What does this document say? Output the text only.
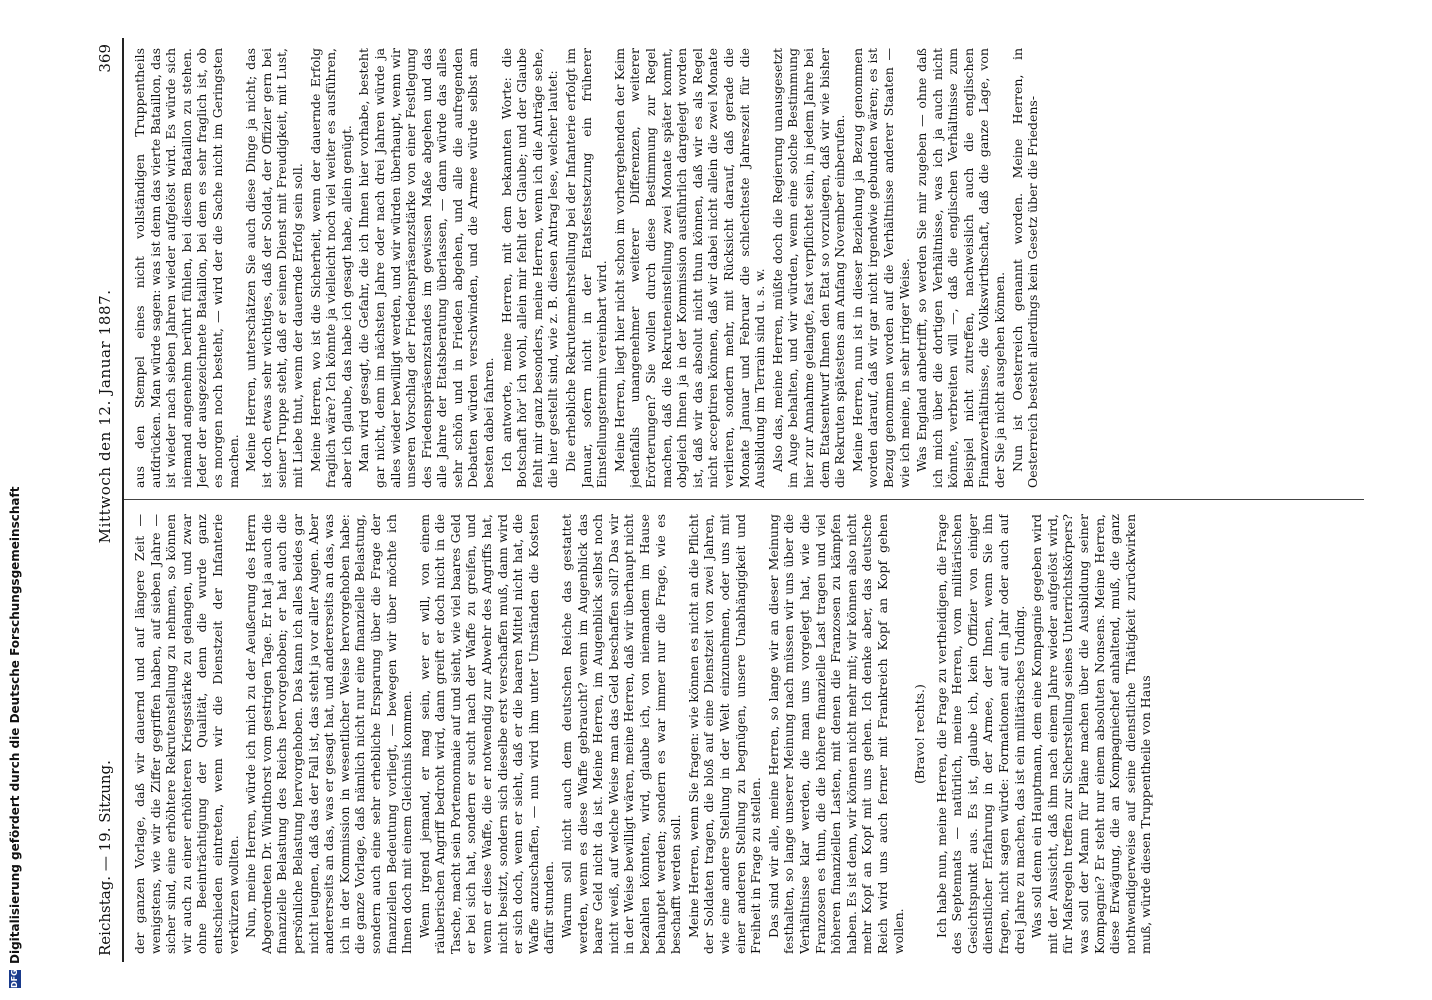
DFG
Digitalisierung gefördert durch die Deutsche Forschungsgemeinschaft	Reichstag. — 19. Sitzung.
Mittwoch den 12. Januar 1887.
369

der ganzen Vorlage, daß wir dauernd und auf längere Zeit — wenigstens, wie wir die Ziffer gegriffen haben, auf sieben Jahre — sicher sind, eine erhöhtere Rekrutenstellung zu nehmen, so können wir auch zu einer erhöhteren Kriegsstärke zu gelangen, und zwar ohne Beeinträchtigung der Qualität, denn die wurde ganz entschieden eintreten, wenn wir die Dienstzeit der Infanterie verkürzen wollten. Nun, meine Herren, würde ich mich zu der Aeußerung des Herrn Abgeordneten Dr. Windthorst vom gestrigen Tage. Er hat ja auch die finanzielle Belastung des Reichs hervorgehoben; er hat auch die persönliche Belastung hervorgehoben. Das kann ich alles beides gar nicht leugnen, daß das der Fall ist, das steht ja vor aller Augen. Aber andererseits an das, was er gesagt hat, und andererseits an das, was ich in der Kommission in wesentlicher Weise hervorgehoben habe: die ganze Vorlage, daß nämlich nicht nur eine finanzielle Belastung, sondern auch eine sehr erhebliche Ersparung über die Frage der finanziellen Bedeutung vorliegt, — bewegen wir über möchte ich Ihnen doch mit einem Gleichnis kommen. Wenn irgend jemand, er mag sein, wer er will, von einem räuberischen Angriff bedroht wird, dann greift er doch nicht in die Tasche, macht sein Portemonnaie auf und sieht, wie viel baares Geld er bei sich hat, sondern er sucht nach der Waffe zu greifen, und wenn er diese Waffe, die er notwendig zur Abwehr des Angriffs hat, nicht besitzt, sondern sich dieselbe erst verschaffen muß, dann wird er sich doch, wenn er sieht, daß er die baaren Mittel nicht hat, die Waffe anzuschaffen, — nun wird ihm unter Umständen die Kosten dafür stunden. Warum soll nicht auch dem deutschen Reiche das gestattet werden, wenn es diese Waffe gebraucht? wenn im Augenblick das baare Geld nicht da ist. Meine Herren, im Augenblick selbst noch nicht weiß, auf welche Weise man das Geld beschaffen soll? Das wir in der Weise bewilligt wären, meine Herren, daß wir überhaupt nicht bezahlen könnten, wird, glaube ich, von niemandem im Hause behauptet werden; sondern es war immer nur die Frage, wie es beschafft werden soll. Meine Herren, wenn Sie fragen: wie können es nicht an die Pflicht der Soldaten tragen, die bloß auf eine Dienstzeit von zwei Jahren, wie eine andere Stellung in der Welt einzunehmen, oder uns mit einer anderen Stellung zu begnügen, unsere Unabhängigkeit und Freiheit in Frage zu stellen. Das sind wir alle, meine Herren, so lange wir an dieser Meinung festhalten, so lange unserer Meinung nach müssen wir uns über die Verhältnisse klar werden, die man uns vorgelegt hat, wie die Franzosen es thun, die die höhere finanzielle Last tragen und viel höheren finanziellen Lasten, mit denen die Franzosen zu kämpfen haben. Es ist denn, wir können nicht mehr mit; wir können also nicht mehr Kopf an Kopf mit uns gehen. Ich denke aber, das deutsche Reich wird uns auch ferner mit Frankreich Kopf an Kopf gehen wollen.

(Bravo! rechts.) Ich habe nun, meine Herren, die Frage zu vertheidigen, die Frage des Septennats — natürlich, meine Herren, vom militärischen Gesichtspunkt aus. Es ist, glaube ich, kein Offizier von einiger dienstlicher Erfahrung in der Armee, der Ihnen, wenn Sie ihn fragen, nicht sagen würde: Formationen auf ein Jahr oder auch auf drei Jahre zu machen, das ist ein militärisches Unding. Was soll denn ein Hauptmann, dem eine Kompagnie gegeben wird mit der Aussicht, daß ihm nach einem Jahre wieder aufgelöst wird, für Maßregeln treffen zur Sicherstellung seines Unterrichtskörpers? was soll der Mann für Pläne machen über die Ausbildung seiner Kompagnie? Er steht nur einem absoluten Nonsens. Meine Herren, diese Erwägung, die an Kompagniechef anhaltend, muß, die ganz nothwendigerweise auf seine dienstliche Thätigkeit zurückwirken muß, würde diesen Truppentheile von Haus

aus den Stempel eines nicht vollständigen Truppentheils aufdrücken. Man würde sagen: was ist denn das vierte Bataillon, das ist wieder nach sieben Jahren wieder aufgelöst wird. Es würde sich niemand angenehm berührt fühlen, bei diesem Bataillon zu stehen. Jeder der ausgezeichnete Bataillon, bei dem es sehr fraglich ist, ob es morgen noch besteht, — wird der die Sache nicht im Geringsten machen. Meine Herren, unterschätzen Sie auch diese Dinge ja nicht; das ist doch etwas sehr wichtiges, daß der Soldat, der Offizier gern bei seiner Truppe steht, daß er seinen Dienst mit Freudigkeit, mit Lust, mit Liebe thut, wenn der dauernde Erfolg sein soll. Meine Herren, wo ist die Sicherheit, wenn der dauernde Erfolg fraglich wäre? Ich könnte ja vielleicht noch viel weiter es ausführen, aber ich glaube, das habe ich gesagt habe, allein genügt. Man wird gesagt, die Gefahr, die ich Ihnen hier vorhabe, besteht gar nicht, denn im nächsten Jahre oder nach drei Jahren würde ja alles wieder bewilligt werden, und wir würden überhaupt, wenn wir unseren Vorschlag der Friedenspräsenzstärke von einer Festlegung des Friedenspräsenzstandes im gewissen Maße abgehen und das alle Jahre der Etatsberatung überlassen, — dann würde das alles sehr schön und in Frieden abgehen, und alle die aufregenden Debatten würden verschwinden, und die Armee würde selbst am besten dabei fahren. Ich antworte, meine Herren, mit dem bekannten Worte: die Botschaft hör' ich wohl, allein mir fehlt der Glaube; und der Glaube fehlt mir ganz besonders, meine Herren, wenn ich die Anträge sehe, die hier gestellt sind, wie z. B. diesen Antrag lese, welcher lautet: Die erhebliche Rekrutenmehrstellung bei der Infanterie erfolgt im Januar, sofern nicht in der Etatsfestsetzung ein früherer Einstellungstermin vereinbart wird. Meine Herren, liegt hier nicht schon im vorhergehenden der Keim jedenfalls unangenehmer weiterer Differenzen, weiterer Erörterungen? Sie wollen durch diese Bestimmung zur Regel machen, daß die Rekruteneinstellung zwei Monate später kommt, obgleich Ihnen ja in der Kommission ausführlich dargelegt worden ist, daß wir das absolut nicht thun können, daß wir es als Regel nicht acceptiren können, daß wir dabei nicht allein die zwei Monate verlieren, sondern mehr, mit Rücksicht darauf, daß gerade die Monate Januar und Februar die schlechteste Jahreszeit für die Ausbildung im Terrain sind u. s. w. Also das, meine Herren, müßte doch die Regierung unausgesetzt im Auge behalten, und wir würden, wenn eine solche Bestimmung hier zur Annahme gelangte, fast verpflichtet sein, in jedem Jahre bei dem Etatsentwurf Ihnen den Etat so vorzulegen, daß wir wie bisher die Rekruten spätestens am Anfang November einberufen. Meine Herren, nun ist in dieser Beziehung ja Bezug genommen worden darauf, daß wir gar nicht irgendwie gebunden wären; es ist Bezug genommen worden auf die Verhältnisse anderer Staaten — wie ich meine, in sehr irriger Weise. Was England anbetrifft, so werden Sie mir zugeben — ohne daß ich mich über die dortigen Verhältnisse, was ich ja auch nicht könnte, verbreiten will —, daß die englischen Verhältnisse zum Beispiel nicht zutreffen, nachweislich auch die englischen Finanzverhältnisse, die Volkswirthschaft, daß die ganze Lage, von der Sie ja nicht ausgehen können. Nun ist Oesterreich genannt worden. Meine Herren, in Oesterreich besteht allerdings kein Gesetz über die Friedens-
